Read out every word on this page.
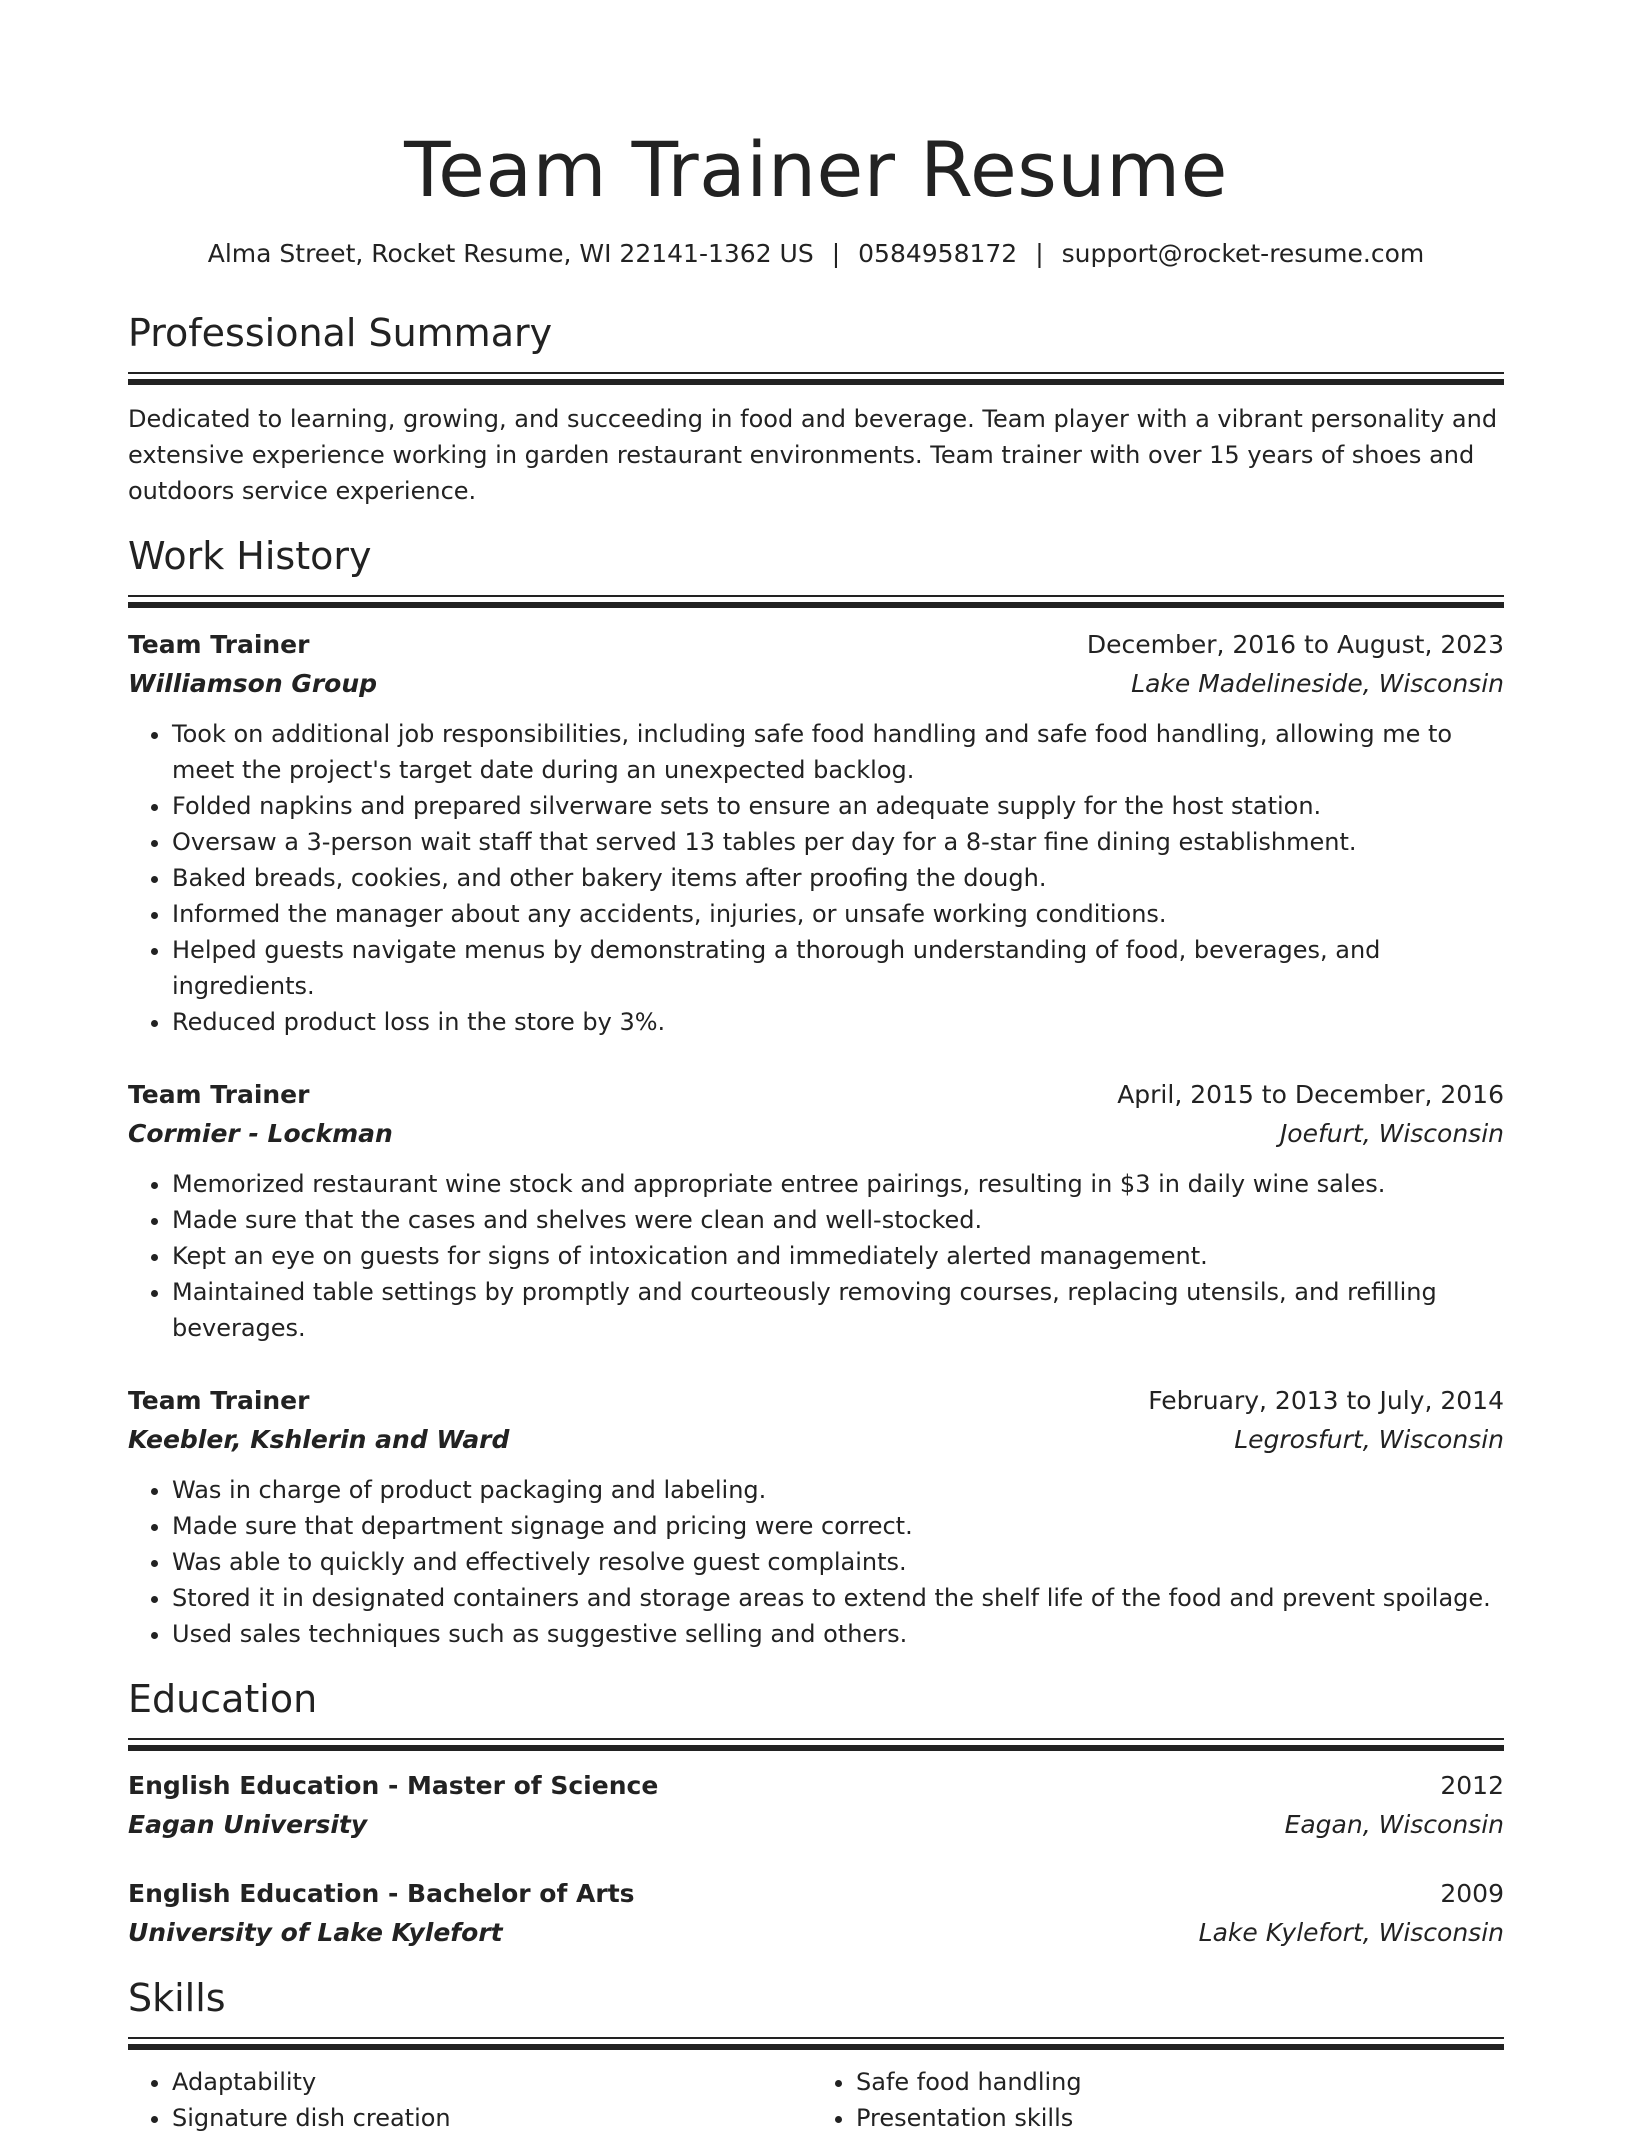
Team Trainer Resume
Alma Street, Rocket Resume, WI 22141-1362 US | 0584958172 | support@rocket-resume.com
Professional Summary
Dedicated to learning, growing, and succeeding in food and beverage. Team player with a vibrant personality and extensive experience working in garden restaurant environments. Team trainer with over 15 years of shoes and outdoors service experience.
Work History
Team Trainer	December, 2016 to August, 2023
Williamson Group	Lake Madelineside, Wisconsin
• Took on additional job responsibilities, including safe food handling and safe food handling, allowing me to meet the project's target date during an unexpected backlog.
• Folded napkins and prepared silverware sets to ensure an adequate supply for the host station.
• Oversaw a 3-person wait staff that served 13 tables per day for a 8-star fine dining establishment.
• Baked breads, cookies, and other bakery items after proofing the dough.
• Informed the manager about any accidents, injuries, or unsafe working conditions.
• Helped guests navigate menus by demonstrating a thorough understanding of food, beverages, and ingredients.
• Reduced product loss in the store by 3%.
Team Trainer	April, 2015 to December, 2016
Cormier - Lockman	Joefurt, Wisconsin
• Memorized restaurant wine stock and appropriate entree pairings, resulting in $3 in daily wine sales.
• Made sure that the cases and shelves were clean and well-stocked.
• Kept an eye on guests for signs of intoxication and immediately alerted management.
• Maintained table settings by promptly and courteously removing courses, replacing utensils, and refilling beverages.
Team Trainer	February, 2013 to July, 2014
Keebler, Kshlerin and Ward	Legrosfurt, Wisconsin
• Was in charge of product packaging and labeling.
• Made sure that department signage and pricing were correct.
• Was able to quickly and effectively resolve guest complaints.
• Stored it in designated containers and storage areas to extend the shelf life of the food and prevent spoilage.
• Used sales techniques such as suggestive selling and others.
Education
English Education - Master of Science	2012
Eagan University	Eagan, Wisconsin
English Education - Bachelor of Arts	2009
University of Lake Kylefort	Lake Kylefort, Wisconsin
Skills
• Adaptability
• Signature dish creation
• Safe food handling
• Presentation skills
